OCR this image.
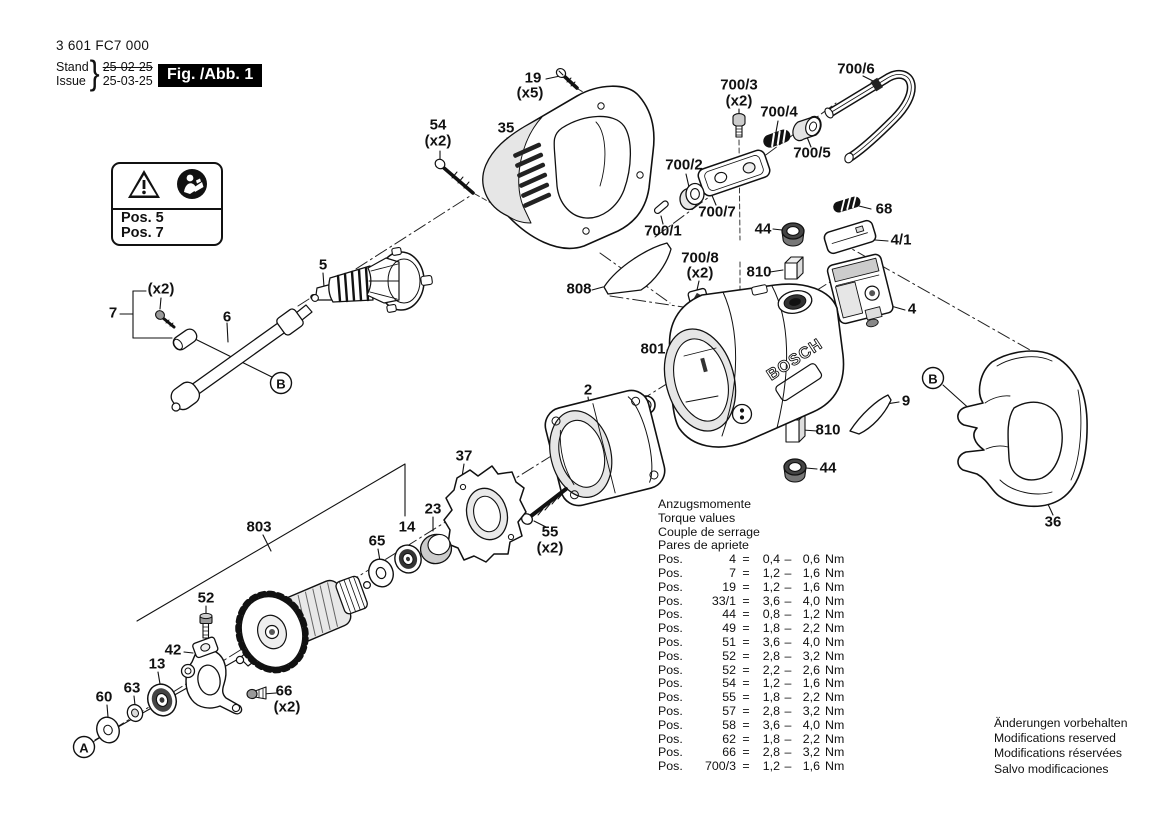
BOSCH
19
(x5)
54
(x2)
35
700/6
700/3
(x2)
700/4
700/5
700/2
700/7
700/1
68
44
4/1
810
700/8
(x2)
808
801
4
2
9
810
44
5
7
(x2)
6
B
37
23
14
65
55
(x2)
803
52
42
13
63
60	66
(x2)
A
36
B
3 601 FC7 000
Stand
Issue } 25-02-25
25-03-25 Fig. /Abb. 1
Pos. 5
Pos. 7
Anzugsmomente
Torque values
Couple de serrage
Pares de apriete
Pos.	4 =	0,4 – 0,6 Nm
Pos.	7 =	1,2 – 1,6 Nm
Pos.	19 =	1,2 – 1,6 Nm
Pos.	33/1 =	3,6 – 4,0 Nm
Pos.	44 =	0,8 – 1,2 Nm
Pos.	49 =	1,8 – 2,2 Nm
Pos.	51 =	3,6 – 4,0 Nm
Pos.	52 =	2,8 – 3,2 Nm
Pos.	52 =	2,2 – 2,6 Nm
Pos.	54 =	1,2 – 1,6 Nm
Pos.	55 =	1,8 – 2,2 Nm
Pos.	57 =	2,8 – 3,2 Nm
Pos.	58 =	3,6 – 4,0 Nm
Pos.	62 =	1,8 – 2,2 Nm
Pos.	66 =	2,8 – 3,2 Nm
Pos.	700/3 =	1,2 – 1,6 Nm
Änderungen vorbehalten
Modifications reserved
Modifications réservées
Salvo modificaciones
